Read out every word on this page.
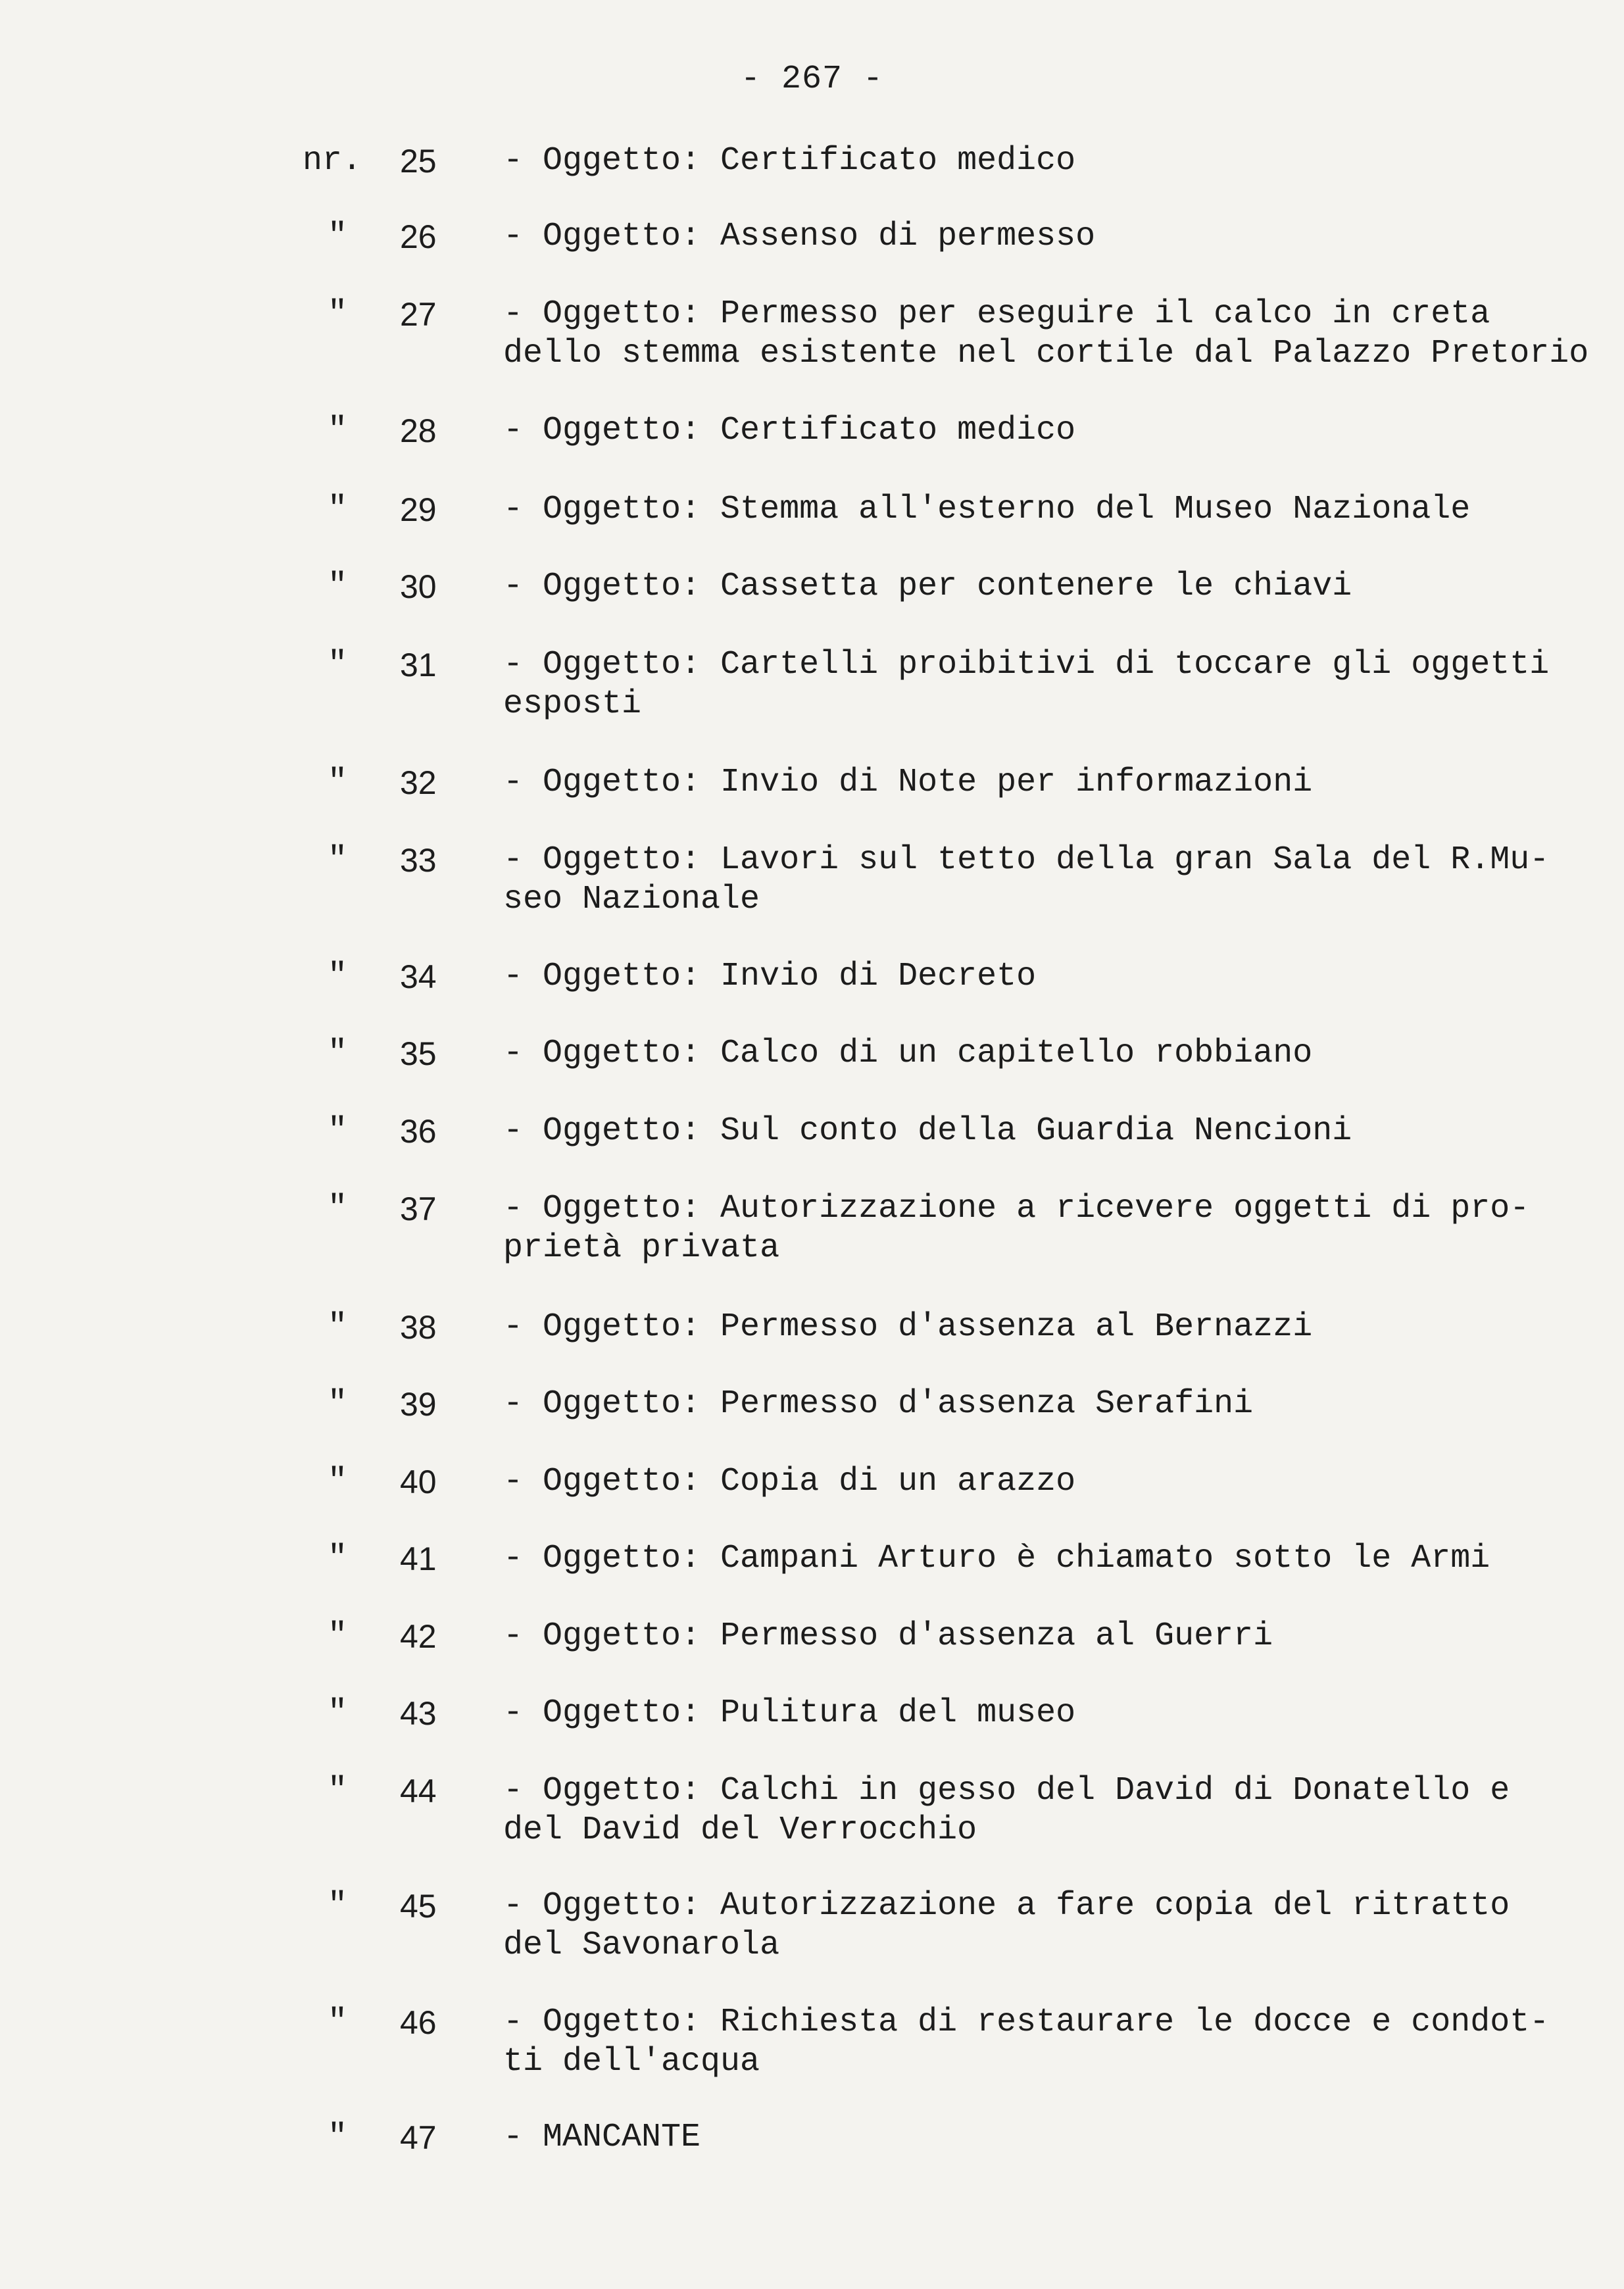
- 267 -
nr.	25	- Oggetto: Certificato medico
"	26	- Oggetto: Assenso di permesso
"	27	- Oggetto: Permesso per eseguire il calco in creta
dello stemma esistente nel cortile dal Palazzo Pretorio
"	28	- Oggetto: Certificato medico
"	29	- Oggetto: Stemma all'esterno del Museo Nazionale
"	30	- Oggetto: Cassetta per contenere le chiavi
"	31	- Oggetto: Cartelli proibitivi di toccare gli oggetti
esposti
"	32	- Oggetto: Invio di Note per informazioni
"	33	- Oggetto: Lavori sul tetto della gran Sala del R.Mu-
seo Nazionale
"	34	- Oggetto: Invio di Decreto
"	35	- Oggetto: Calco di un capitello robbiano
"	36	- Oggetto: Sul conto della Guardia Nencioni
"	37	- Oggetto: Autorizzazione a ricevere oggetti di pro-
prietà privata
"	38	- Oggetto: Permesso d'assenza al Bernazzi
"	39	- Oggetto: Permesso d'assenza Serafini
"	40	- Oggetto: Copia di un arazzo
"	41	- Oggetto: Campani Arturo è chiamato sotto le Armi
"	42	- Oggetto: Permesso d'assenza al Guerri
"	43	- Oggetto: Pulitura del museo
"	44	- Oggetto: Calchi in gesso del David di Donatello e
del David del Verrocchio
"	45	- Oggetto: Autorizzazione a fare copia del ritratto
del Savonarola
"	46	- Oggetto: Richiesta di restaurare le docce e condot-
ti dell'acqua
"	47	- MANCANTE
